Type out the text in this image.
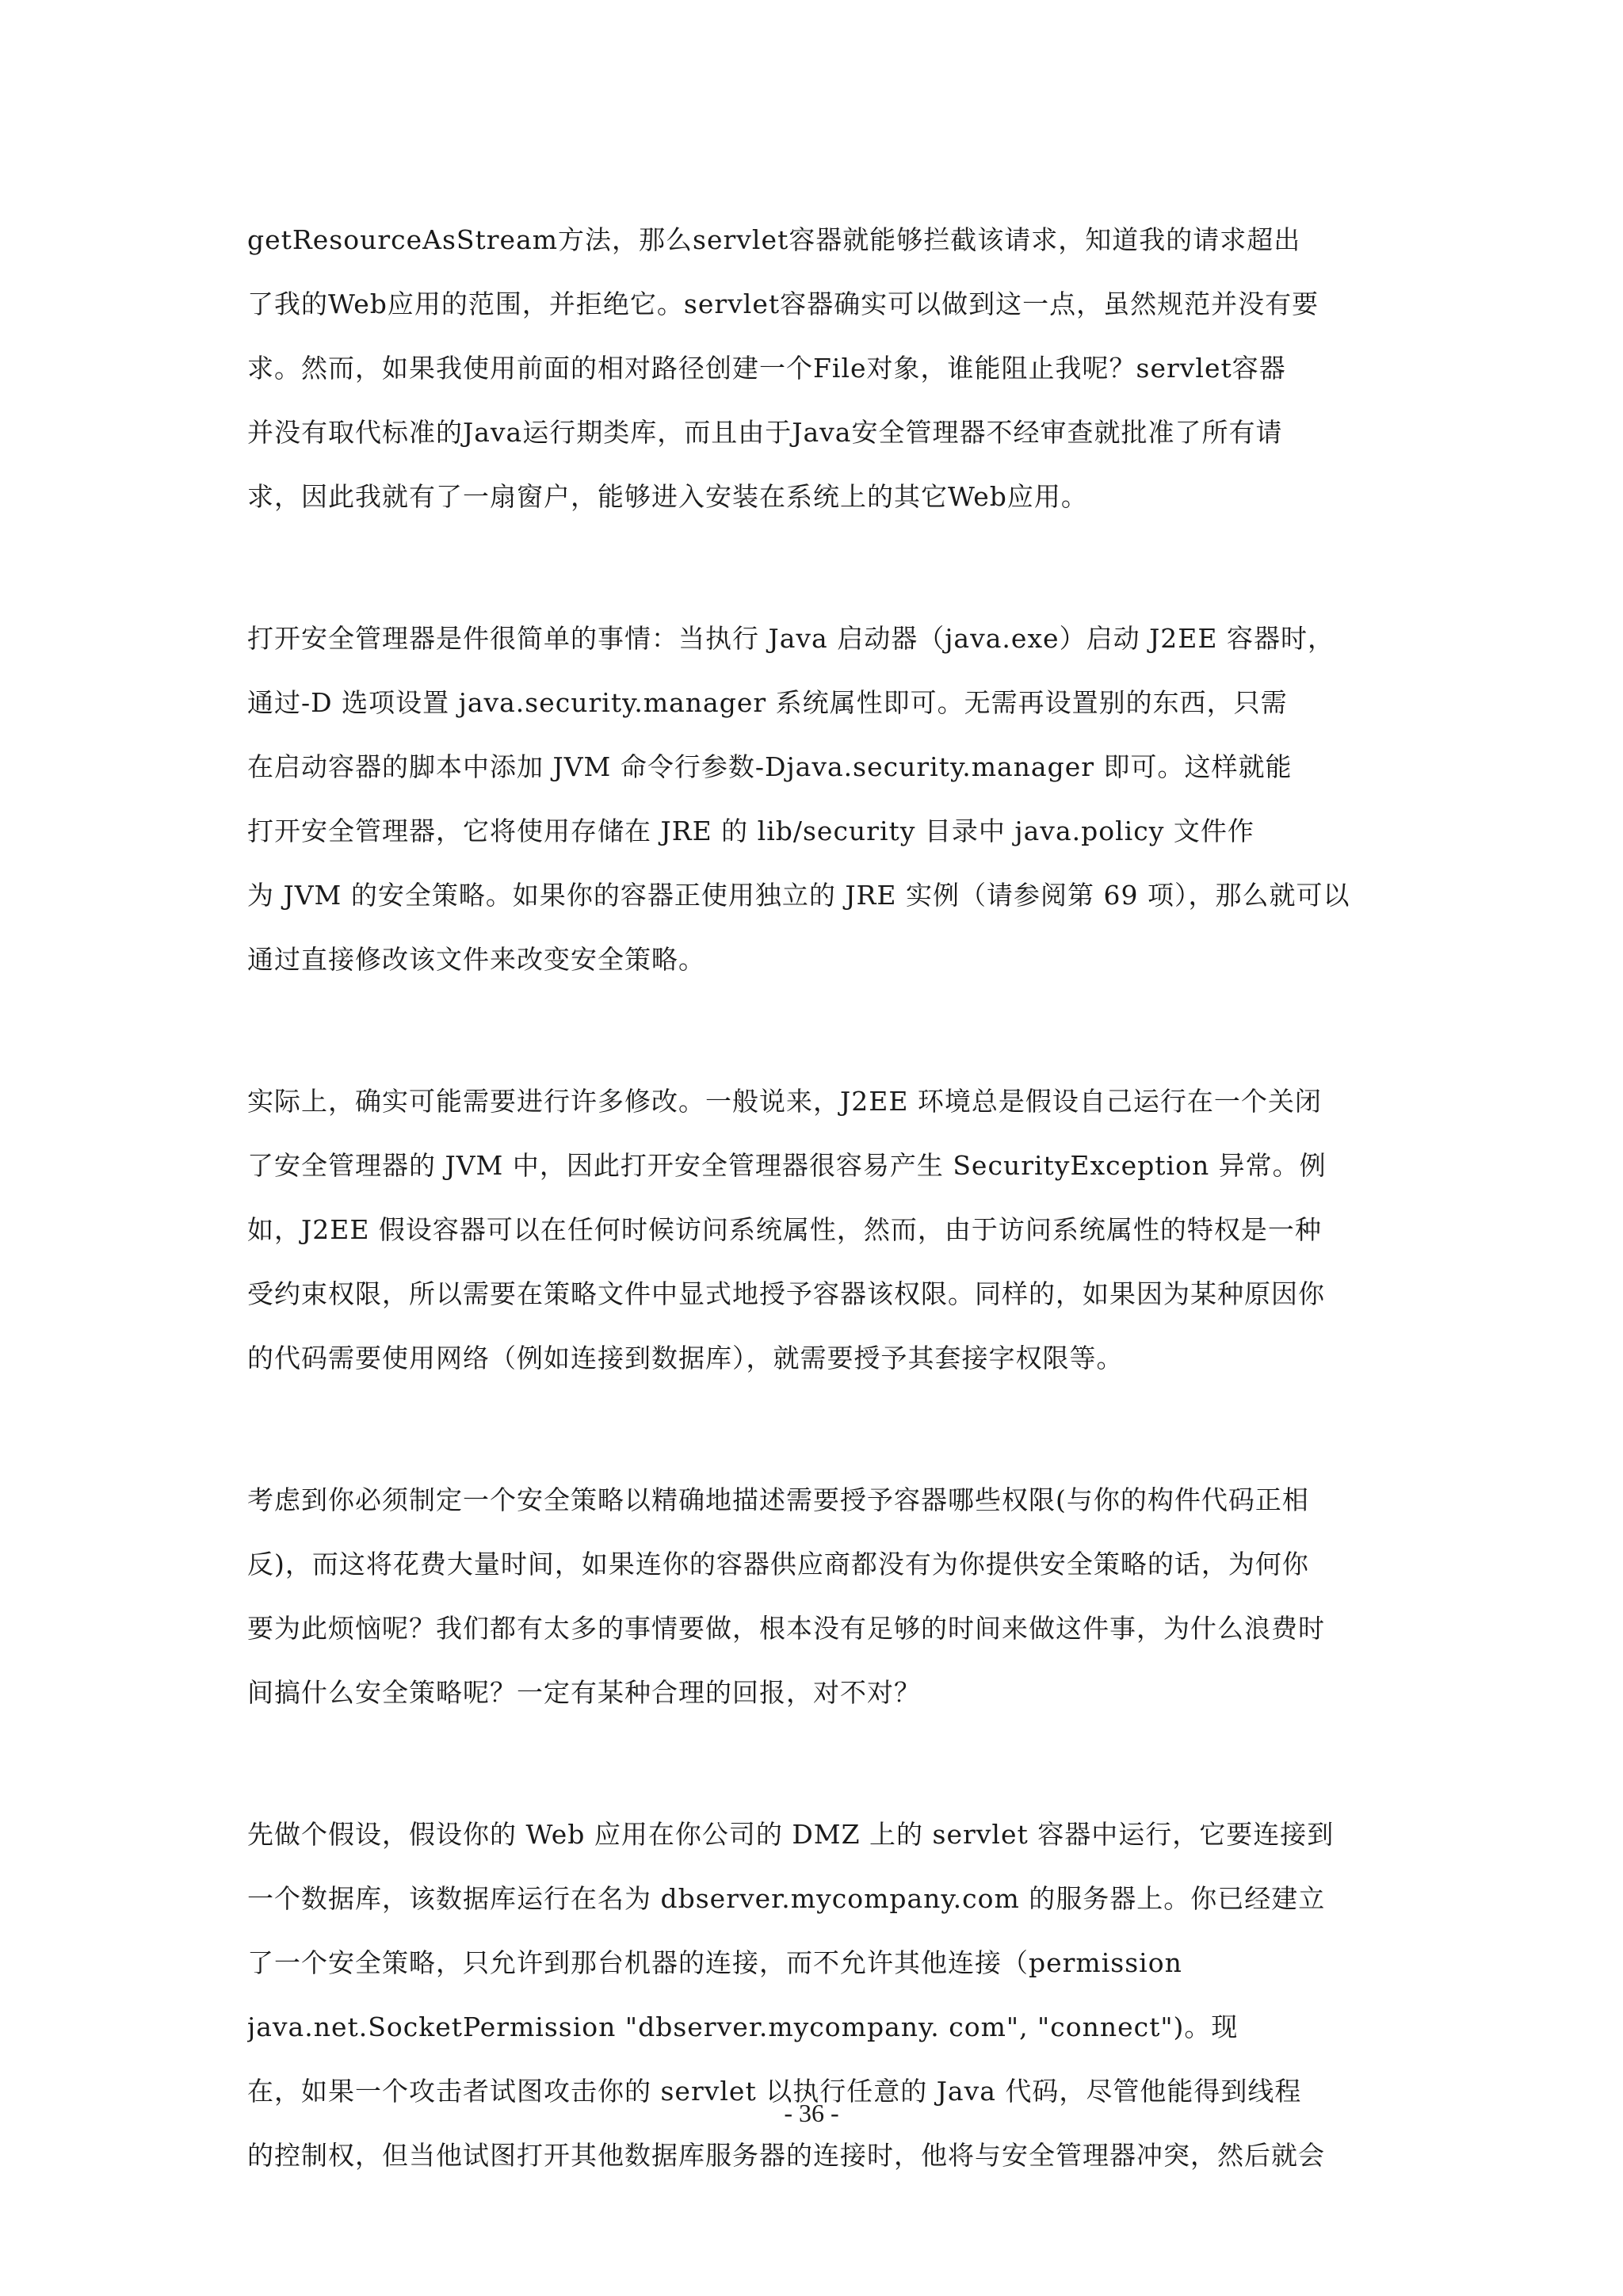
getResourceAsStream方法，那么servlet容器就能够拦截该请求，知道我的请求超出
了我的Web应用的范围，并拒绝它。servlet容器确实可以做到这一点，虽然规范并没有要
求。然而，如果我使用前面的相对路径创建一个File对象，谁能阻止我呢？servlet容器
并没有取代标准的Java运行期类库，而且由于Java安全管理器不经审查就批准了所有请
求，因此我就有了一扇窗户，能够进入安装在系统上的其它Web应用。

打开安全管理器是件很简单的事情：当执行 Java 启动器（java.exe）启动 J2EE 容器时，
通过-D 选项设置 java.security.manager 系统属性即可。无需再设置别的东西，只需
在启动容器的脚本中添加 JVM 命令行参数-Djava.security.manager 即可。这样就能
打开安全管理器，它将使用存储在 JRE 的 lib/security 目录中 java.policy 文件作
为 JVM 的安全策略。如果你的容器正使用独立的 JRE 实例（请参阅第 69 项），那么就可以
通过直接修改该文件来改变安全策略。

实际上，确实可能需要进行许多修改。一般说来，J2EE 环境总是假设自己运行在一个关闭
了安全管理器的 JVM 中，因此打开安全管理器很容易产生 SecurityException 异常。例
如，J2EE 假设容器可以在任何时候访问系统属性，然而，由于访问系统属性的特权是一种
受约束权限，所以需要在策略文件中显式地授予容器该权限。同样的，如果因为某种原因你
的代码需要使用网络（例如连接到数据库），就需要授予其套接字权限等。

考虑到你必须制定一个安全策略以精确地描述需要授予容器哪些权限(与你的构件代码正相
反)，而这将花费大量时间，如果连你的容器供应商都没有为你提供安全策略的话，为何你
要为此烦恼呢？我们都有太多的事情要做，根本没有足够的时间来做这件事，为什么浪费时
间搞什么安全策略呢？一定有某种合理的回报，对不对？

先做个假设，假设你的 Web 应用在你公司的 DMZ 上的 servlet 容器中运行，它要连接到
一个数据库，该数据库运行在名为 dbserver.mycompany.com 的服务器上。你已经建立
了一个安全策略，只允许到那台机器的连接，而不允许其他连接（permission
java.net.SocketPermission "dbserver.mycompany. com", "connect")。现
在，如果一个攻击者试图攻击你的 servlet 以执行任意的 Java 代码，尽管他能得到线程
的控制权，但当他试图打开其他数据库服务器的连接时，他将与安全管理器冲突，然后就会

- 36 -
